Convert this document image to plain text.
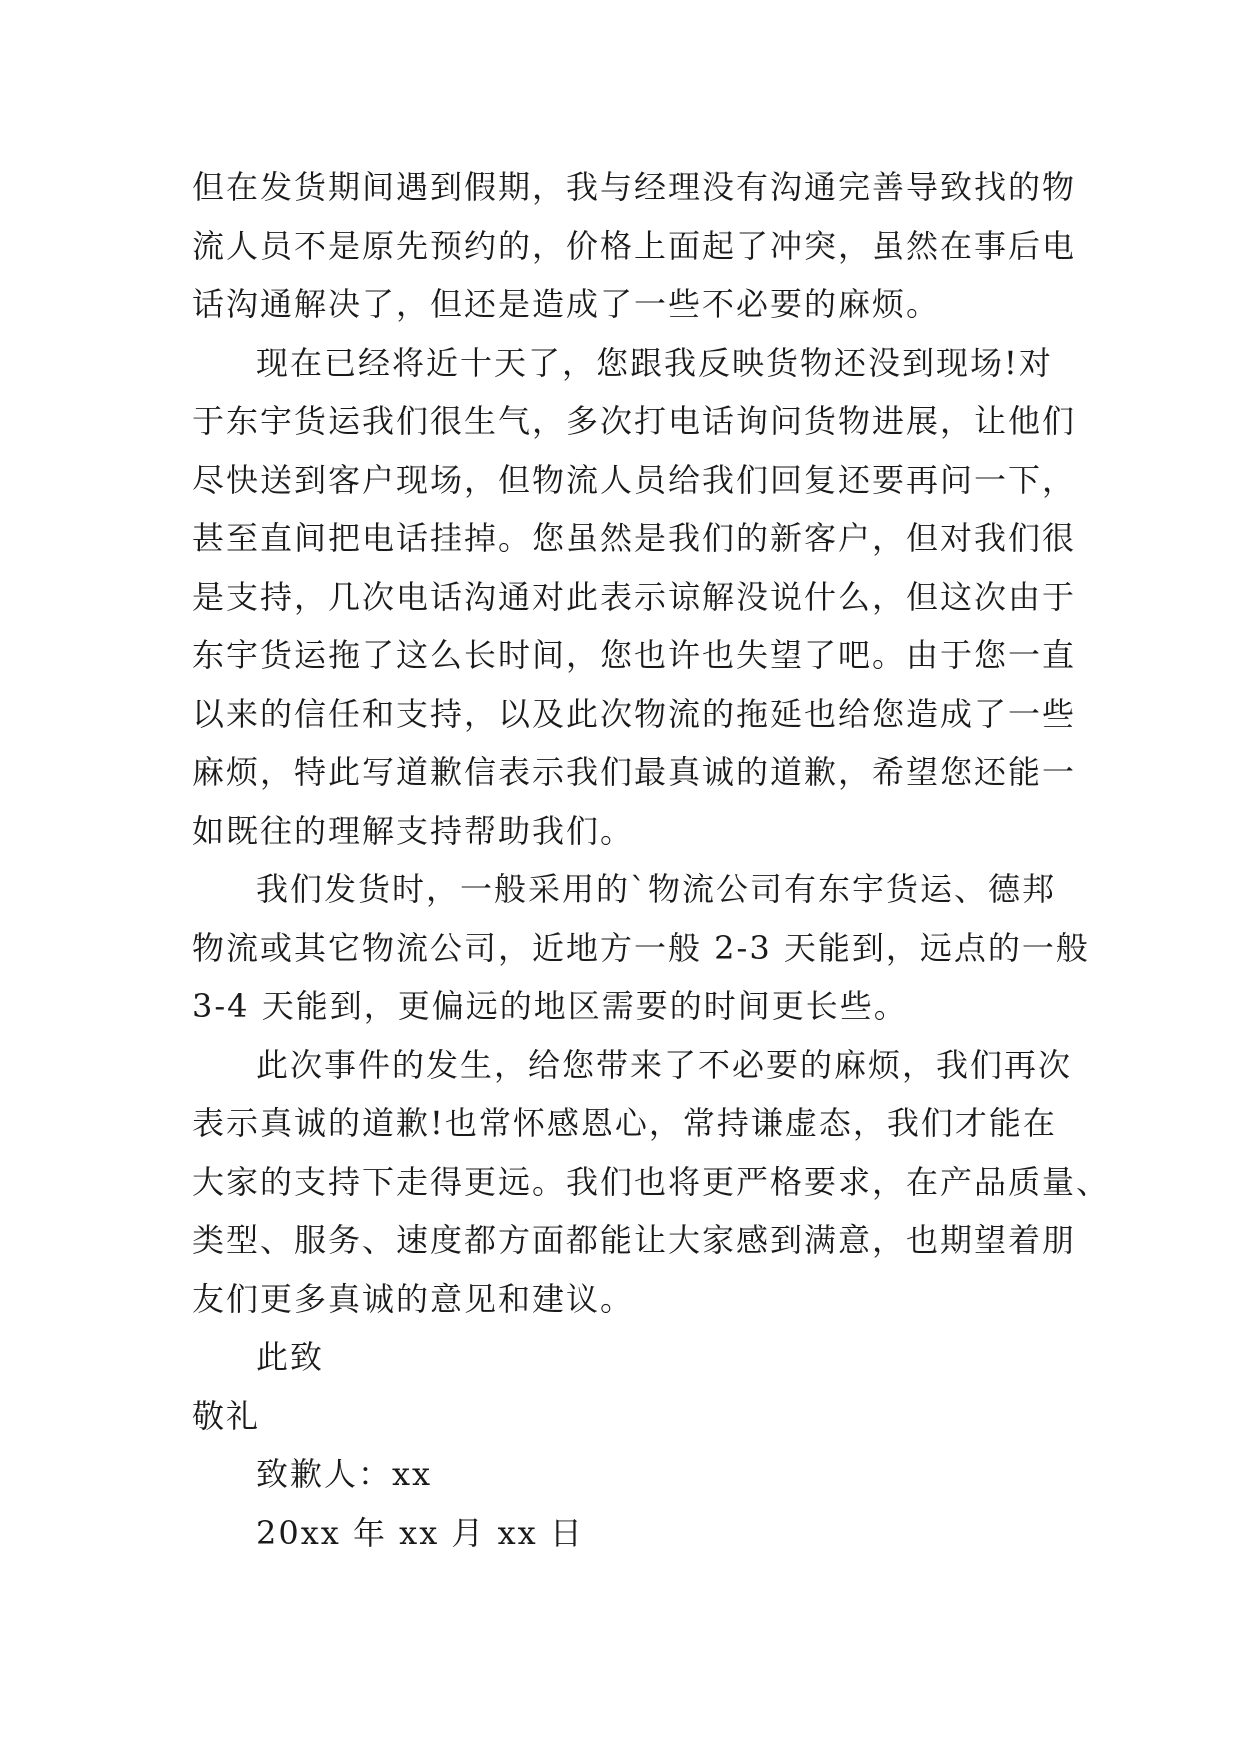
但在发货期间遇到假期，我与经理没有沟通完善导致找的物
流人员不是原先预约的，价格上面起了冲突，虽然在事后电
话沟通解决了，但还是造成了一些不必要的麻烦。
现在已经将近十天了，您跟我反映货物还没到现场!对
于东宇货运我们很生气，多次打电话询问货物进展，让他们
尽快送到客户现场，但物流人员给我们回复还要再问一下，
甚至直间把电话挂掉。您虽然是我们的新客户，但对我们很
是支持，几次电话沟通对此表示谅解没说什么，但这次由于
东宇货运拖了这么长时间，您也许也失望了吧。由于您一直
以来的信任和支持，以及此次物流的拖延也给您造成了一些
麻烦，特此写道歉信表示我们最真诚的道歉，希望您还能一
如既往的理解支持帮助我们。
我们发货时，一般采用的`物流公司有东宇货运、德邦
物流或其它物流公司，近地方一般 2-3 天能到，远点的一般
3-4 天能到，更偏远的地区需要的时间更长些。
此次事件的发生，给您带来了不必要的麻烦，我们再次
表示真诚的道歉!也常怀感恩心，常持谦虚态，我们才能在
大家的支持下走得更远。我们也将更严格要求，在产品质量、
类型、服务、速度都方面都能让大家感到满意，也期望着朋
友们更多真诚的意见和建议。
此致
敬礼
致歉人：xx
20xx 年 xx 月 xx 日
